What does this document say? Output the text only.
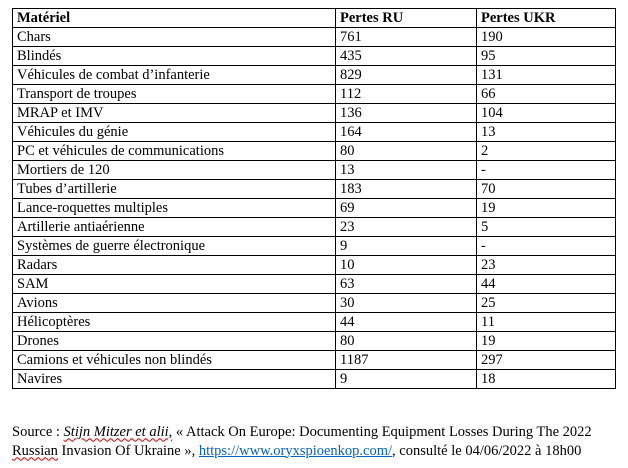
Matériel	Pertes RU	Pertes UKR
Chars	761	190
Blindés	435	95
Véhicules de combat d’infanterie	829	131
Transport de troupes	112	66
MRAP et IMV	136	104
Véhicules du génie	164	13
PC et véhicules de communications	80	2
Mortiers de 120	13	-
Tubes d’artillerie	183	70
Lance-roquettes multiples	69	19
Artillerie antiaérienne	23	5
Systèmes de guerre électronique	9	-
Radars	10	23
SAM	63	44
Avions	30	25
Hélicoptères	44	11
Drones	80	19
Camions et véhicules non blindés	1187	297
Navires	9	18

Source : Stijn Mitzer et alii, « Attack On Europe: Documenting Equipment Losses During The 2022 Russian Invasion Of Ukraine », https://www.oryxspioenkop.com/, consulté le 04/06/2022 à 18h00
